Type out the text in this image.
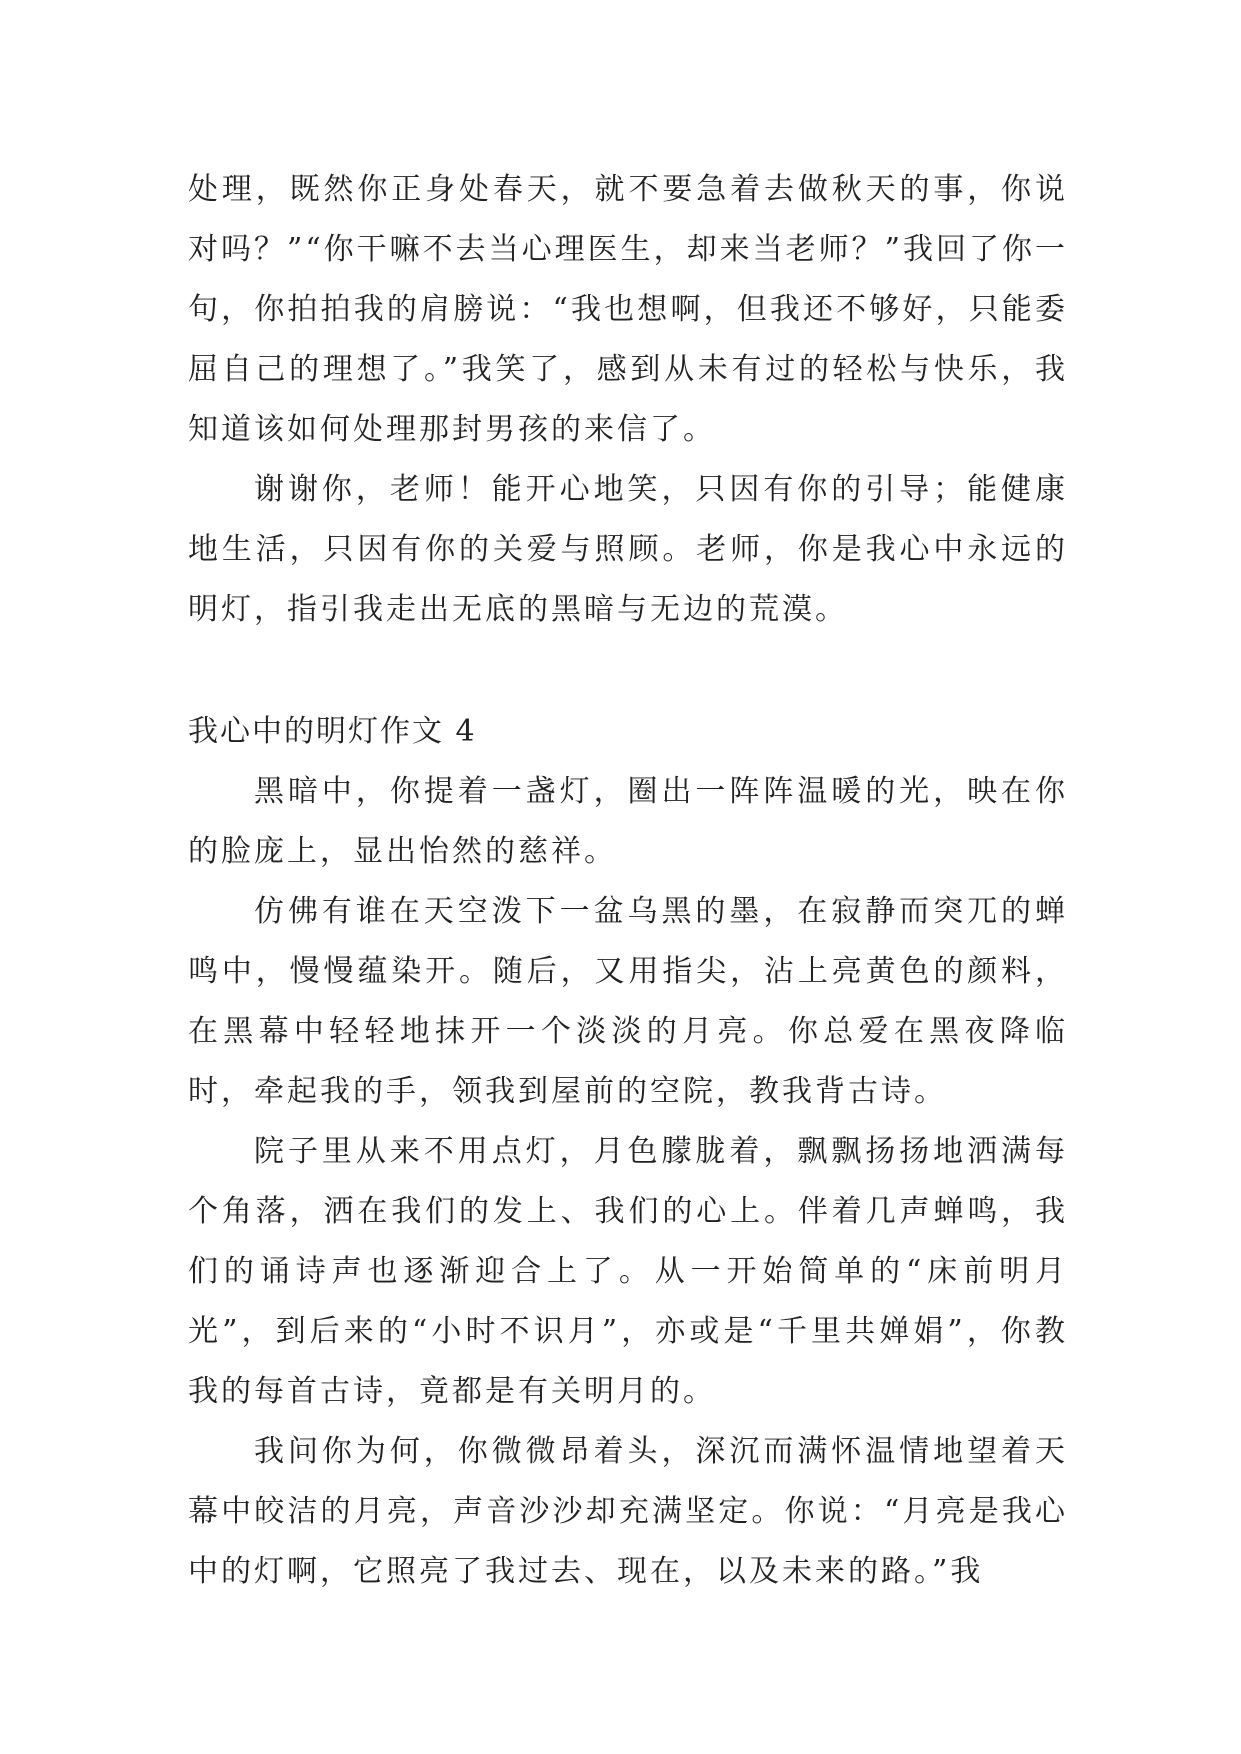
处理，既然你正身处春天，就不要急着去做秋天的事，你说对吗？”“你干嘛不去当心理医生，却来当老师？”我回了你一句，你拍拍我的肩膀说：“我也想啊，但我还不够好，只能委屈自己的理想了。”我笑了，感到从未有过的轻松与快乐，我知道该如何处理那封男孩的来信了。

谢谢你，老师！能开心地笑，只因有你的引导；能健康地生活，只因有你的关爱与照顾。老师，你是我心中永远的明灯，指引我走出无底的黑暗与无边的荒漠。

我心中的明灯作文 4

黑暗中，你提着一盏灯，圈出一阵阵温暖的光，映在你的脸庞上，显出怡然的慈祥。

仿佛有谁在天空泼下一盆乌黑的墨，在寂静而突兀的蝉鸣中，慢慢蕴染开。随后，又用指尖，沾上亮黄色的颜料，在黑幕中轻轻地抹开一个淡淡的月亮。你总爱在黑夜降临时，牵起我的手，领我到屋前的空院，教我背古诗。

院子里从来不用点灯，月色朦胧着，飘飘扬扬地洒满每个角落，洒在我们的发上、我们的心上。伴着几声蝉鸣，我们的诵诗声也逐渐迎合上了。从一开始简单的“床前明月光”，到后来的“小时不识月”，亦或是“千里共婵娟”，你教我的每首古诗，竟都是有关明月的。

我问你为何，你微微昂着头，深沉而满怀温情地望着天幕中皎洁的月亮，声音沙沙却充满坚定。你说：“月亮是我心中的灯啊，它照亮了我过去、现在，以及未来的路。”我
